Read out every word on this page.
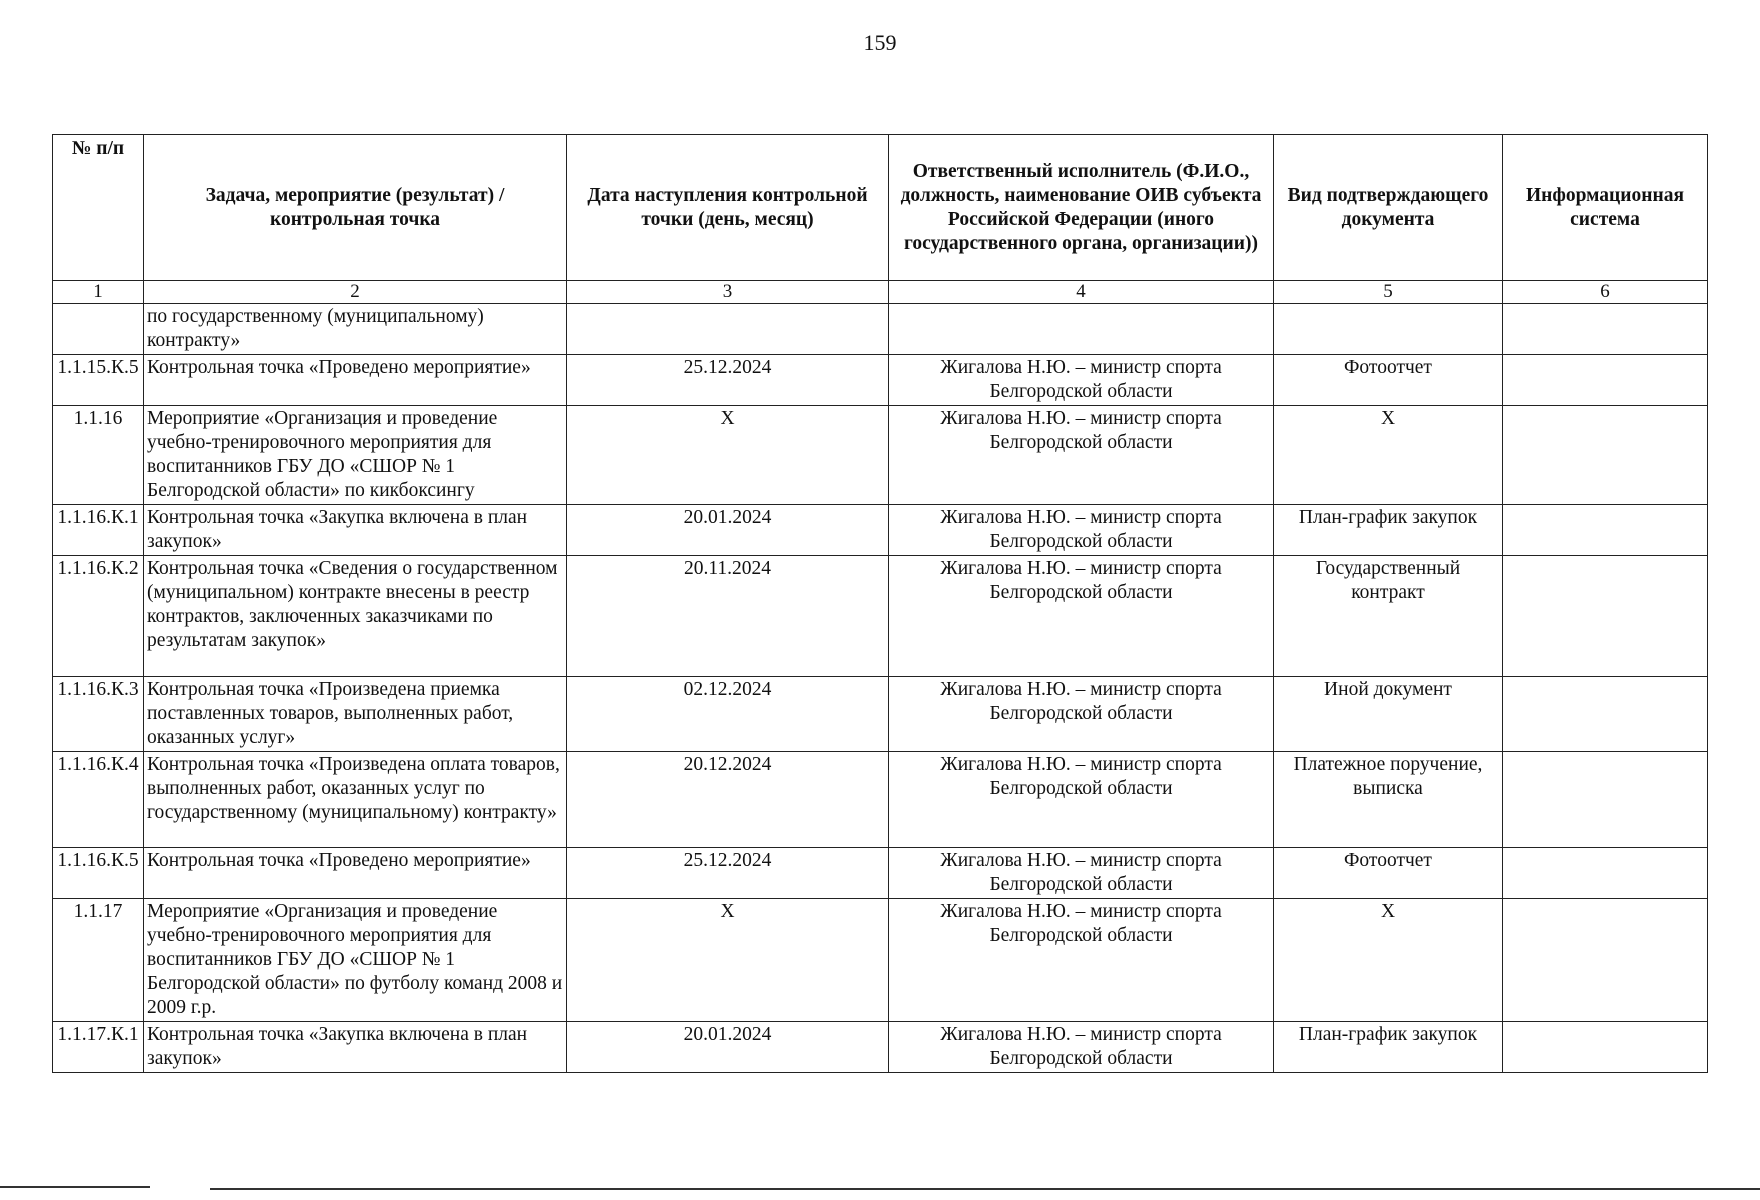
159
№ п/п	Задача, мероприятие (результат) / контрольная точка	Дата наступления контрольной точки (день, месяц)	Ответственный исполнитель (Ф.И.О., должность, наименование ОИВ субъекта Российской Федерации (иного государственного органа, организации))	Вид подтверждающего документа	Информационная система
1	2	3	4	5	6
	по государственному (муниципальному) контракту»				
1.1.15.К.5	Контрольная точка «Проведено мероприятие»	25.12.2024	Жигалова Н.Ю. – министр спорта Белгородской области	Фотоотчет	
1.1.16	Мероприятие «Организация и проведение учебно-тренировочного мероприятия для воспитанников ГБУ ДО «СШОР № 1 Белгородской области» по кикбоксингу	Х	Жигалова Н.Ю. – министр спорта Белгородской области	Х	
1.1.16.К.1	Контрольная точка «Закупка включена в план закупок»	20.01.2024	Жигалова Н.Ю. – министр спорта Белгородской области	План-график закупок	
1.1.16.К.2	Контрольная точка «Сведения о государственном (муниципальном) контракте внесены в реестр контрактов, заключенных заказчиками по результатам закупок»	20.11.2024	Жигалова Н.Ю. – министр спорта Белгородской области	Государственный контракт	
1.1.16.К.3	Контрольная точка «Произведена приемка поставленных товаров, выполненных работ, оказанных услуг»	02.12.2024	Жигалова Н.Ю. – министр спорта Белгородской области	Иной документ	
1.1.16.К.4	Контрольная точка «Произведена оплата товаров, выполненных работ, оказанных услуг по государственному (муниципальному) контракту»	20.12.2024	Жигалова Н.Ю. – министр спорта Белгородской области	Платежное поручение, выписка	
1.1.16.К.5	Контрольная точка «Проведено мероприятие»	25.12.2024	Жигалова Н.Ю. – министр спорта Белгородской области	Фотоотчет	
1.1.17	Мероприятие «Организация и проведение учебно-тренировочного мероприятия для воспитанников ГБУ ДО «СШОР № 1 Белгородской области» по футболу команд 2008 и 2009 г.р.	Х	Жигалова Н.Ю. – министр спорта Белгородской области	Х	
1.1.17.К.1	Контрольная точка «Закупка включена в план закупок»	20.01.2024	Жигалова Н.Ю. – министр спорта Белгородской области	План-график закупок	
